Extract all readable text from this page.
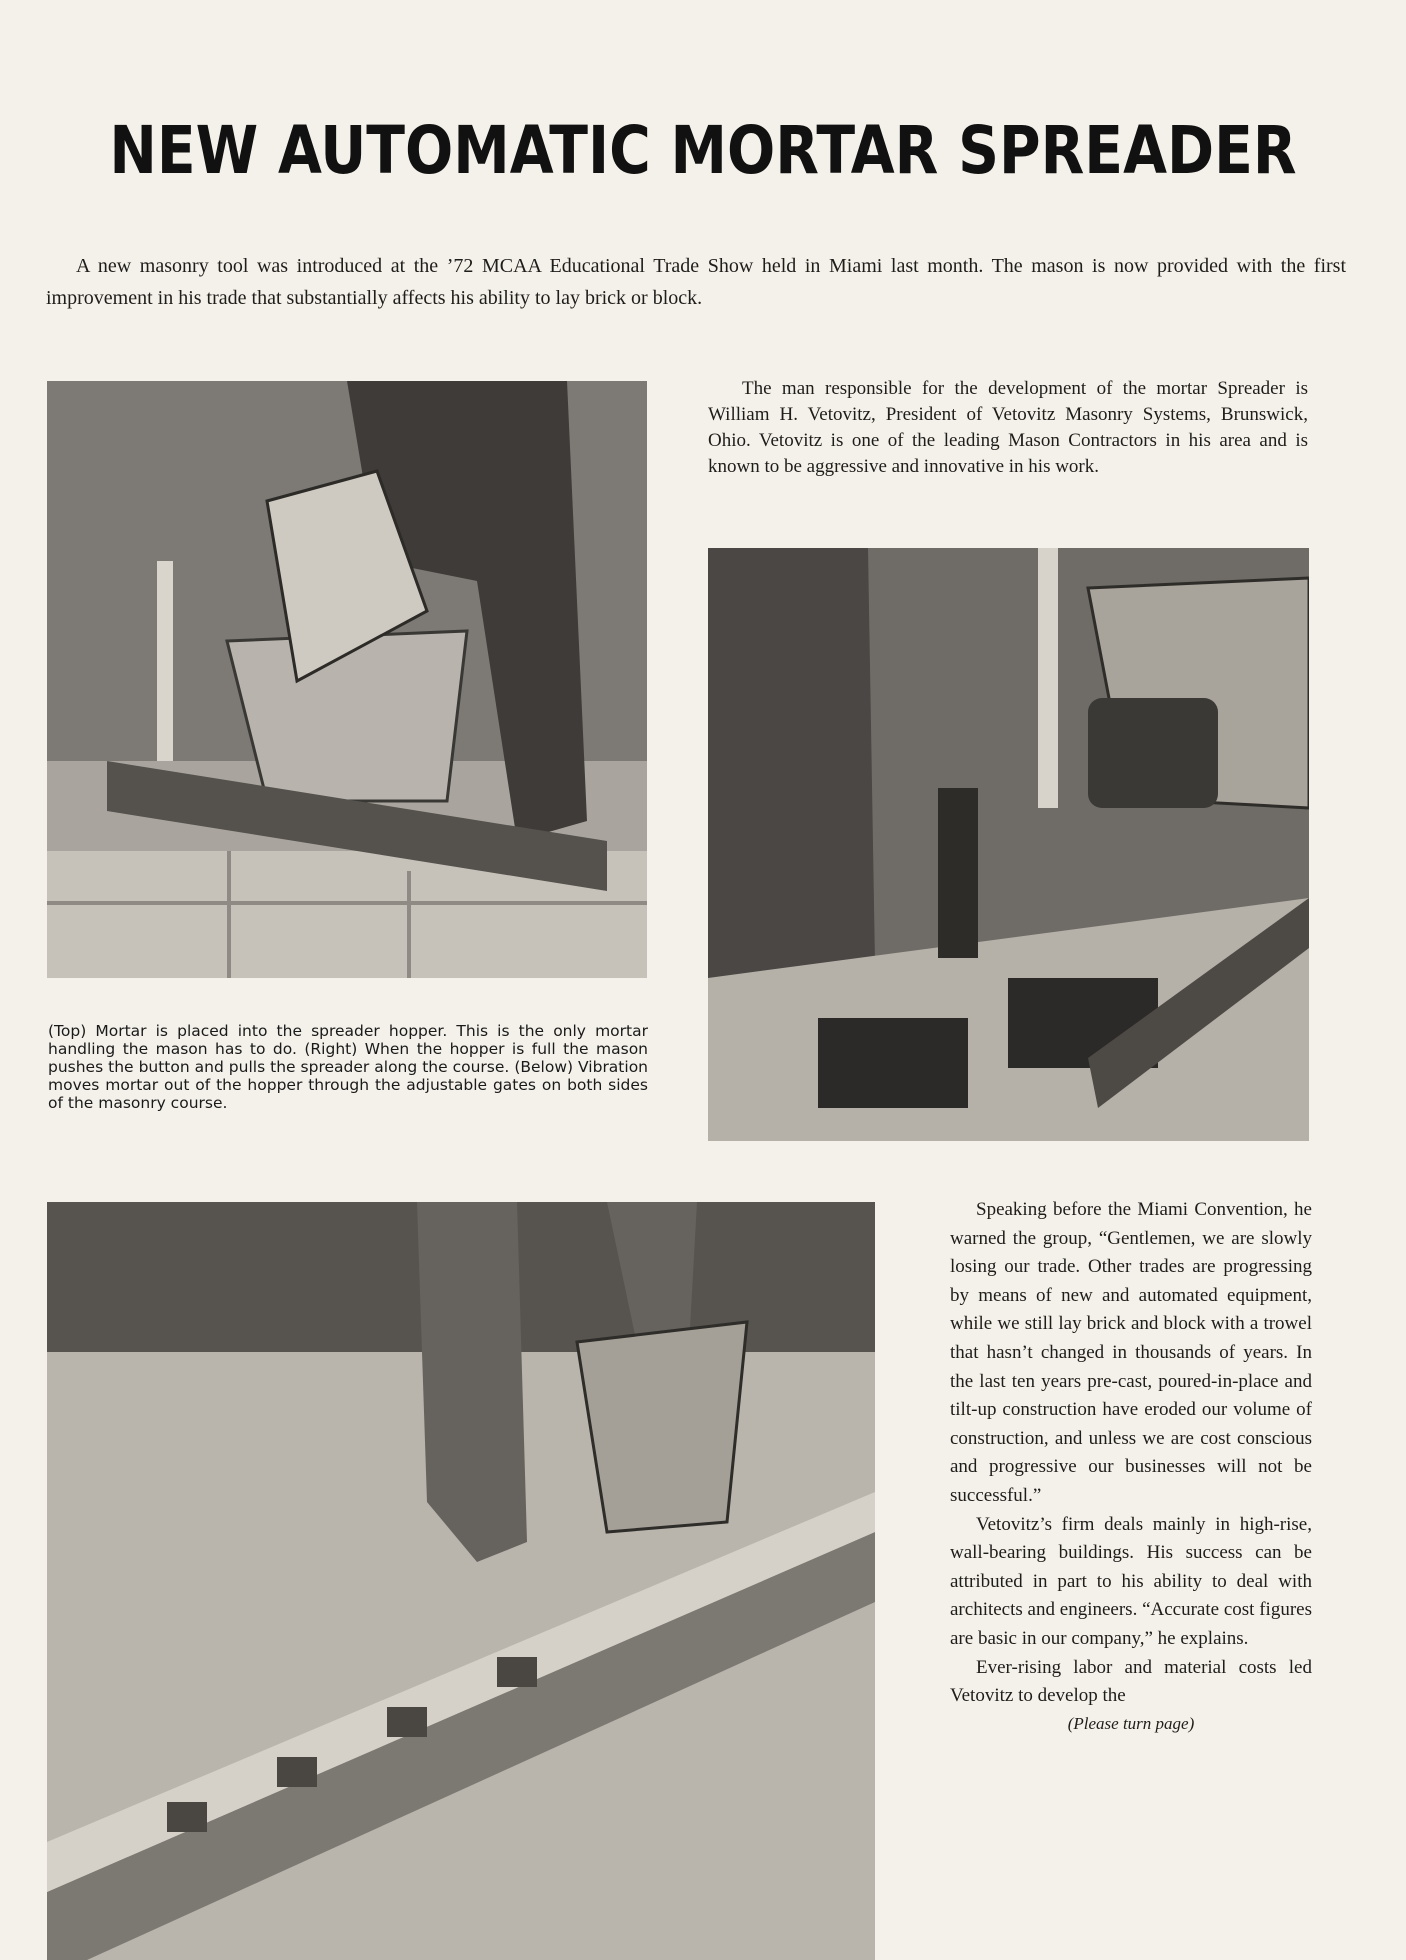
NEW AUTOMATIC MORTAR SPREADER

A new masonry tool was introduced at the ’72 MCAA Educational Trade Show held in Miami last month. The mason is now provided with the first improvement in his trade that substantially affects his ability to lay brick or block.

(Top) Mortar is placed into the spreader hopper. This is the only mortar handling the mason has to do. (Right) When the hopper is full the mason pushes the button and pulls the spreader along the course. (Below) Vibration moves mortar out of the hopper through the adjustable gates on both sides of the masonry course.

The man responsible for the development of the mortar Spreader is William H. Vetovitz, President of Vetovitz Masonry Systems, Brunswick, Ohio. Vetovitz is one of the leading Mason Contractors in his area and is known to be aggressive and innovative in his work.

Speaking before the Miami Convention, he warned the group, “Gentlemen, we are slowly losing our trade. Other trades are progressing by means of new and automated equipment, while we still lay brick and block with a trowel that hasn’t changed in thousands of years. In the last ten years pre-cast, poured-in-place and tilt-up construction have eroded our volume of construction, and unless we are cost conscious and progressive our businesses will not be successful.”

Vetovitz’s firm deals mainly in high-rise, wall-bearing buildings. His success can be attributed in part to his ability to deal with architects and engineers. “Accurate cost figures are basic in our company,” he explains.

Ever-rising labor and material costs led Vetovitz to develop the

(Please turn page)
